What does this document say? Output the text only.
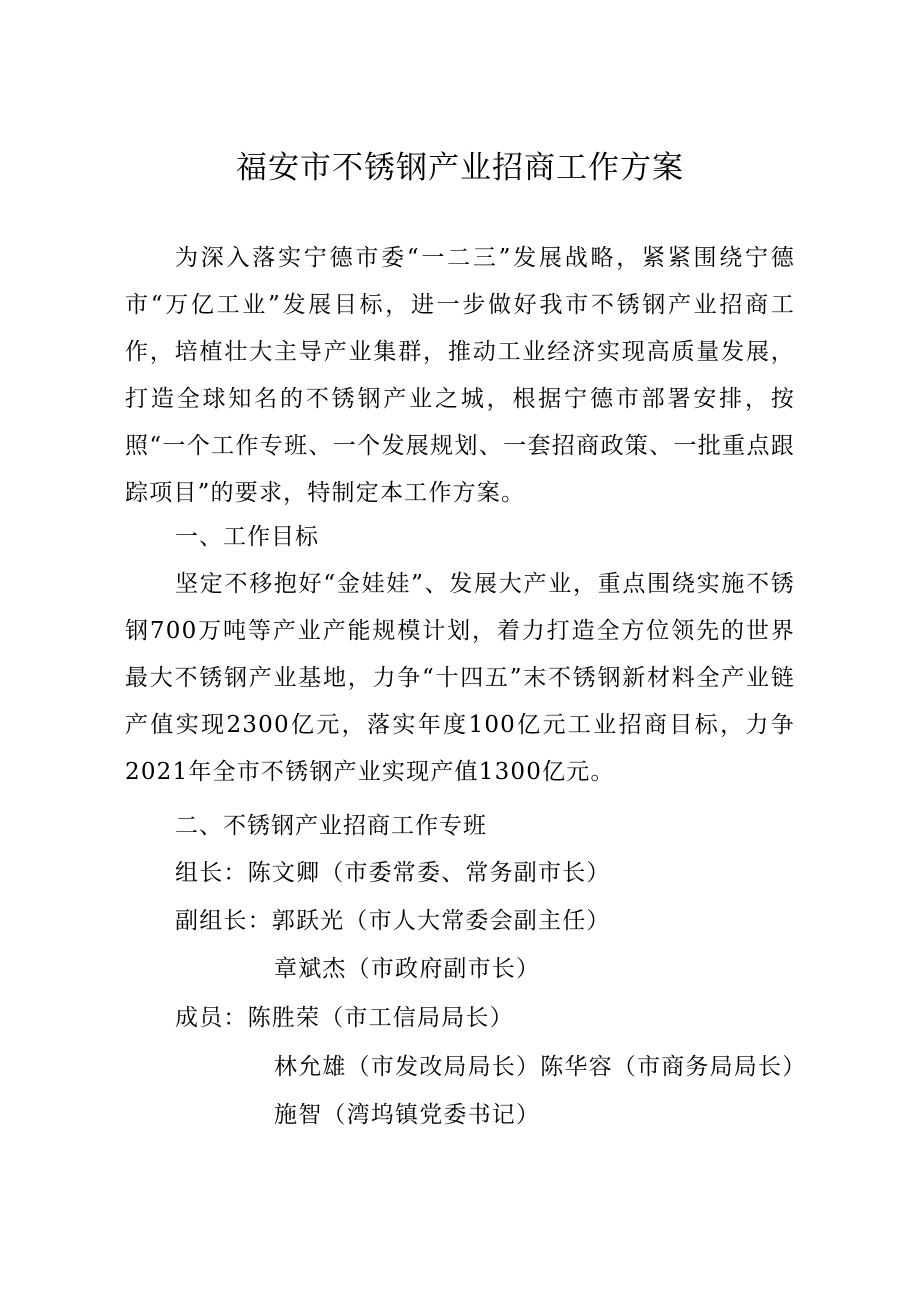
福安市不锈钢产业招商工作方案

为深入落实宁德市委“一二三”发展战略，紧紧围绕宁德市“万亿工业”发展目标，进一步做好我市不锈钢产业招商工作，培植壮大主导产业集群，推动工业经济实现高质量发展，打造全球知名的不锈钢产业之城，根据宁德市部署安排，按照“一个工作专班、一个发展规划、一套招商政策、一批重点跟踪项目”的要求，特制定本工作方案。

一、工作目标

坚定不移抱好“金娃娃”、发展大产业，重点围绕实施不锈钢700万吨等产业产能规模计划，着力打造全方位领先的世界最大不锈钢产业基地，力争“十四五”末不锈钢新材料全产业链产值实现2300亿元，落实年度100亿元工业招商目标，力争2021年全市不锈钢产业实现产值1300亿元。

二、不锈钢产业招商工作专班

组长：陈文卿（市委常委、常务副市长）

副组长：郭跃光（市人大常委会副主任）

章斌杰（市政府副市长）

成员：陈胜荣（市工信局局长）

林允雄（市发改局局长）陈华容（市商务局局长）

施智（湾坞镇党委书记）
